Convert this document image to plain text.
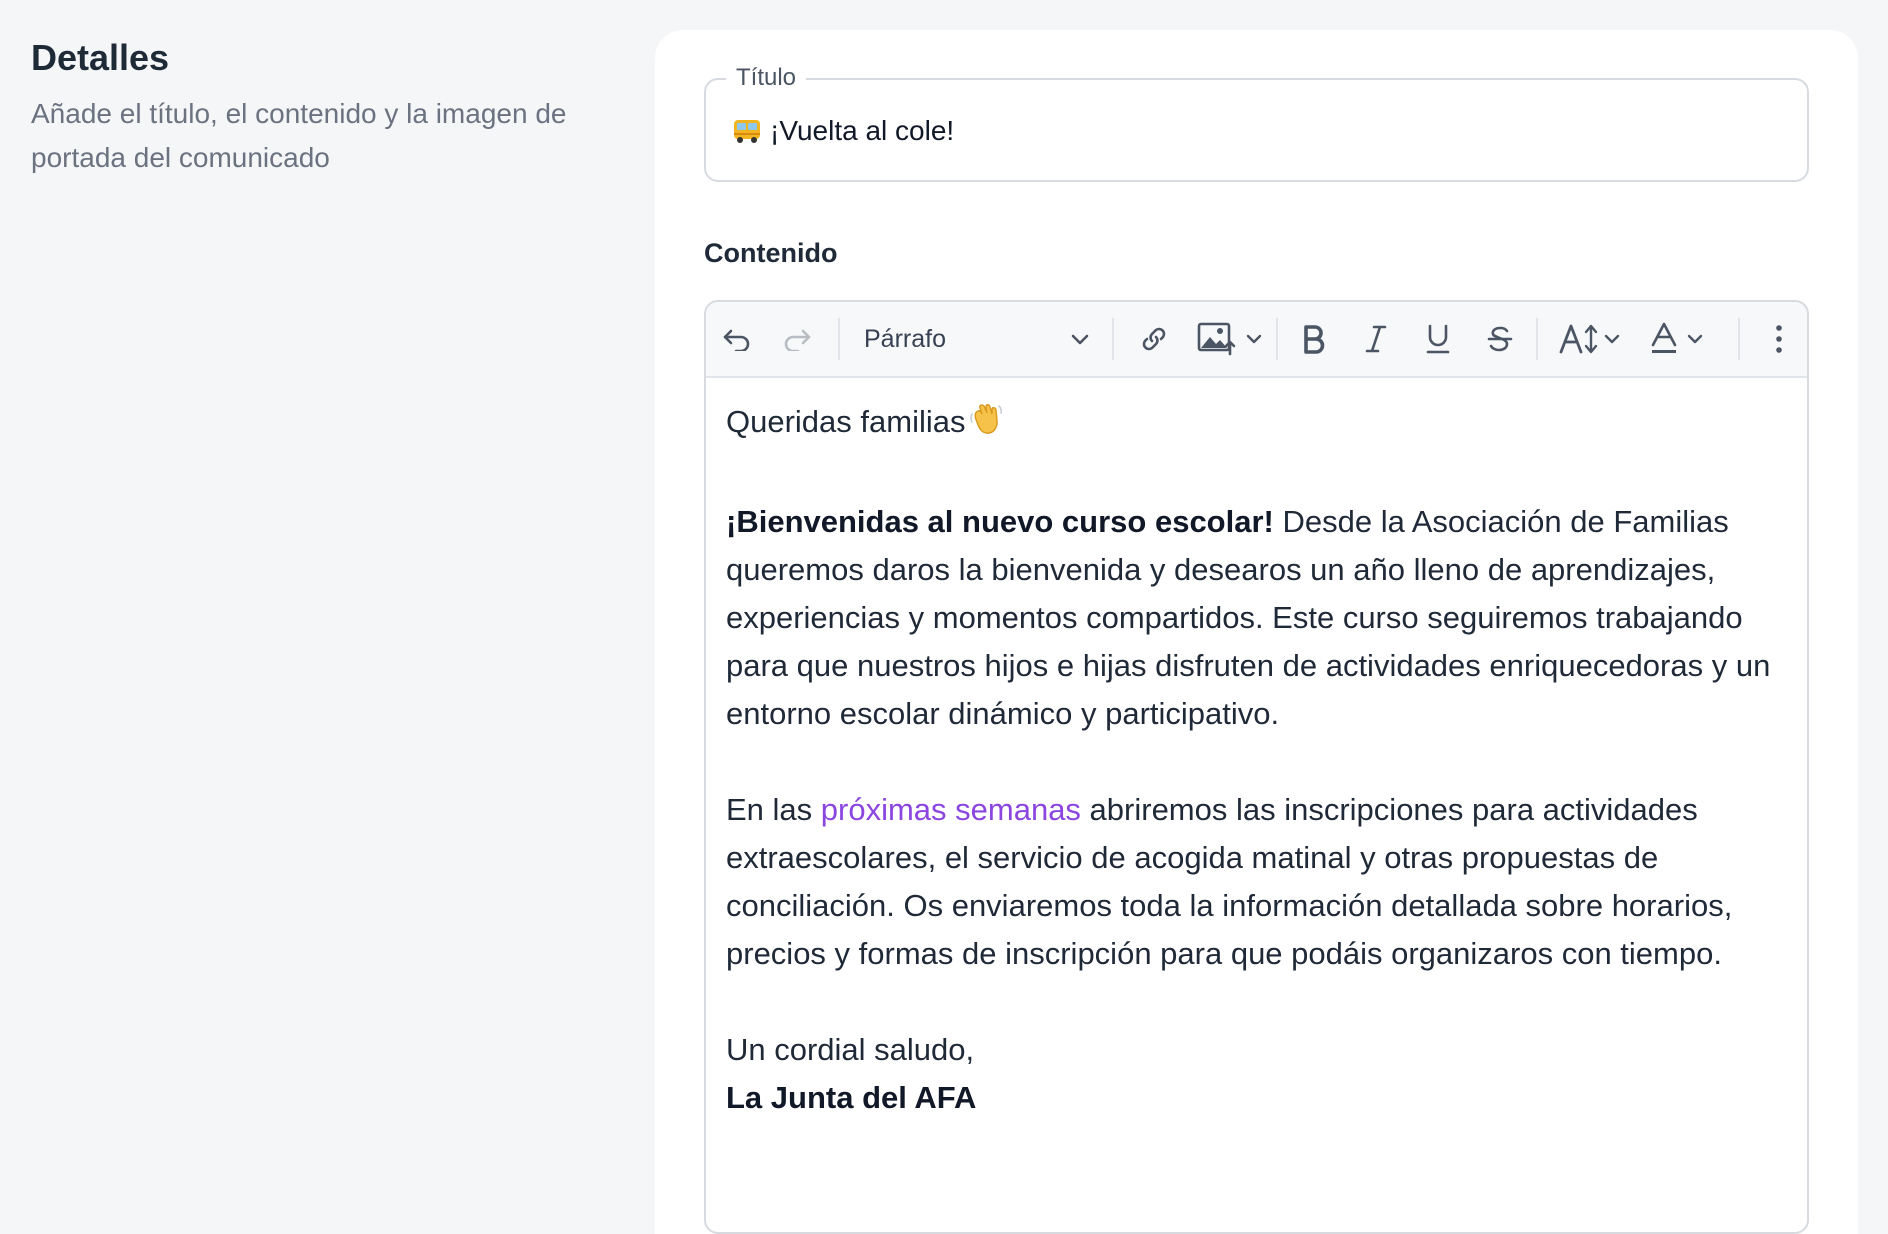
Detalles
Añade el título, el contenido y la imagen de portada del comunicado
Título
¡Vuelta al cole!
Contenido
Párrafo

Queridas familias

¡Bienvenidas al nuevo curso escolar! Desde la Asociación de Familias queremos daros la bienvenida y desearos un año lleno de aprendizajes, experiencias y momentos compartidos. Este curso seguiremos trabajando para que nuestros hijos e hijas disfruten de actividades enriquecedoras y un entorno escolar dinámico y participativo.

En las próximas semanas abriremos las inscripciones para actividades extraescolares, el servicio de acogida matinal y otras propuestas de conciliación. Os enviaremos toda la información detallada sobre horarios, precios y formas de inscripción para que podáis organizaros con tiempo.

Un cordial saludo,

La Junta del AFA
